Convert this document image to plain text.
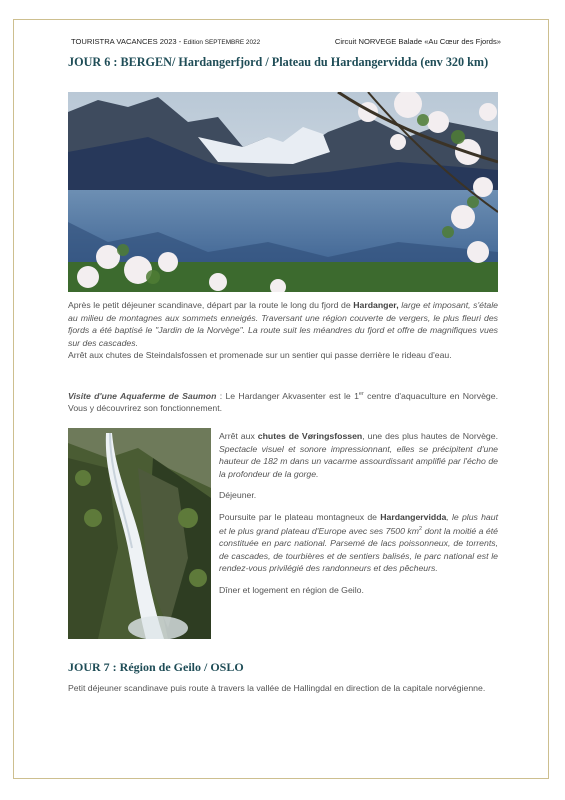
TOURISTRA VACANCES 2023 - Edition SEPTEMBRE 2022	Circuit NORVEGE Balade «Au Cœur des Fjords»
JOUR 6 : BERGEN/ Hardangerfjord / Plateau du Hardangervidda (env 320 km)
Après le petit déjeuner scandinave, départ par la route le long du fjord de Hardanger, large et imposant, s'étale au milieu de montagnes aux sommets enneigés. Traversant une région couverte de vergers, le plus fleuri des fjords a été baptisé le "Jardin de la Norvège". La route suit les méandres du fjord et offre de magnifiques vues sur des cascades.
Arrêt aux chutes de Steindalsfossen et promenade sur un sentier qui passe derrière le rideau d'eau.
Visite d'une Aquaferme de Saumon : Le Hardanger Akvasenter est le 1er centre d'aquaculture en Norvège. Vous y découvrirez son fonctionnement.
Arrêt aux chutes de Vøringsfossen, une des plus hautes de Norvège. Spectacle visuel et sonore impressionnant, elles se précipitent d'une hauteur de 182 m dans un vacarme assourdissant amplifié par l'écho de la profondeur de la gorge.
Déjeuner.
Poursuite par le plateau montagneux de Hardangervidda, le plus haut et le plus grand plateau d'Europe avec ses 7500 $km^2$ dont la moitié a été constituée en parc national. Parsemé de lacs poissonneux, de torrents, de cascades, de tourbières et de sentiers balisés, le parc national est le rendez-vous privilégié des randonneurs et des pêcheurs.
Dîner et logement en région de Geilo.
JOUR 7 : Région de Geilo / OSLO
Petit déjeuner scandinave puis route à travers la vallée de Hallingdal en direction de la capitale norvégienne.
